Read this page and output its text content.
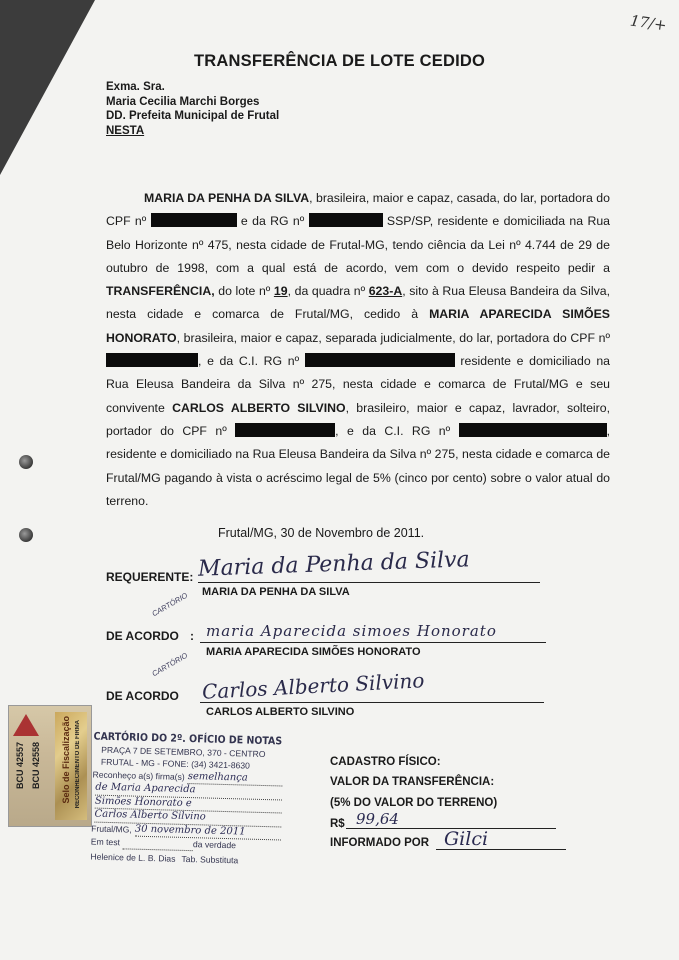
17/+
TRANSFERÊNCIA DE LOTE CEDIDO
Exma. Sra.
Maria Cecilia Marchi Borges
DD. Prefeita Municipal de Frutal
NESTA
MARIA DA PENHA DA SILVA, brasileira, maior e capaz, casada, do lar, portadora do CPF nº	e da RG nº	SSP/SP, residente e domiciliada na Rua Belo Horizonte nº 475, nesta cidade de Frutal-MG, tendo ciência da Lei nº 4.744 de 29 de outubro de 1998, com a qual está de acordo, vem com o devido respeito pedir a TRANSFERÊNCIA, do lote nº 19, da quadra nº 623-A, sito à Rua Eleusa Bandeira da Silva, nesta cidade e comarca de Frutal/MG, cedido à MARIA APARECIDA SIMÕES HONORATO, brasileira, maior e capaz, separada judicialmente, do lar, portadora do CPF nº , e da C.I. RG nº	residente e domiciliado na Rua Eleusa Bandeira da Silva nº 275, nesta cidade e comarca de Frutal/MG e seu convivente CARLOS ALBERTO SILVINO, brasileiro, maior e capaz, lavrador, solteiro, portador do CPF nº	, e da C.I. RG nº	, residente e domiciliado na Rua Eleusa Bandeira da Silva nº 275, nesta cidade e comarca de Frutal/MG pagando à vista o acréscimo legal de 5% (cinco por cento) sobre o valor atual do terreno.
Frutal/MG, 30 de Novembro de 2011.
REQUERENTE: Maria da Penha da Silva
MARIA DA PENHA DA SILVA
DE ACORDO : maria Aparecida simoes Honorato
MARIA APARECIDA SIMÕES HONORATO
DE ACORDO Carlos Alberto Silvino
CARLOS ALBERTO SILVINO
CARTÓRIO
CARTÓRIO
BCU 42557 BCU 42558 Selo de Fiscalização RECONHECIMENTO DE FIRMA CARTÓRIO DO 2º. OFÍCIO DE NOTAS
PRAÇA 7 DE SETEMBRO, 370 - CENTRO
FRUTAL - MG - FONE: (34) 3421-8630
Reconheço a(s) firma(s) semelhança
de Maria Aparecida
Simões Honorato e
Carlos Alberto Silvino
Frutal/MG, 30 novembro de 2011
Em test	da verdade
Helenice de L. B. Dias Tab. Substituta
CADASTRO FÍSICO:
VALOR DA TRANSFERÊNCIA:
(5% DO VALOR DO TERRENO)
R$ 99,64
INFORMADO POR Gilci
